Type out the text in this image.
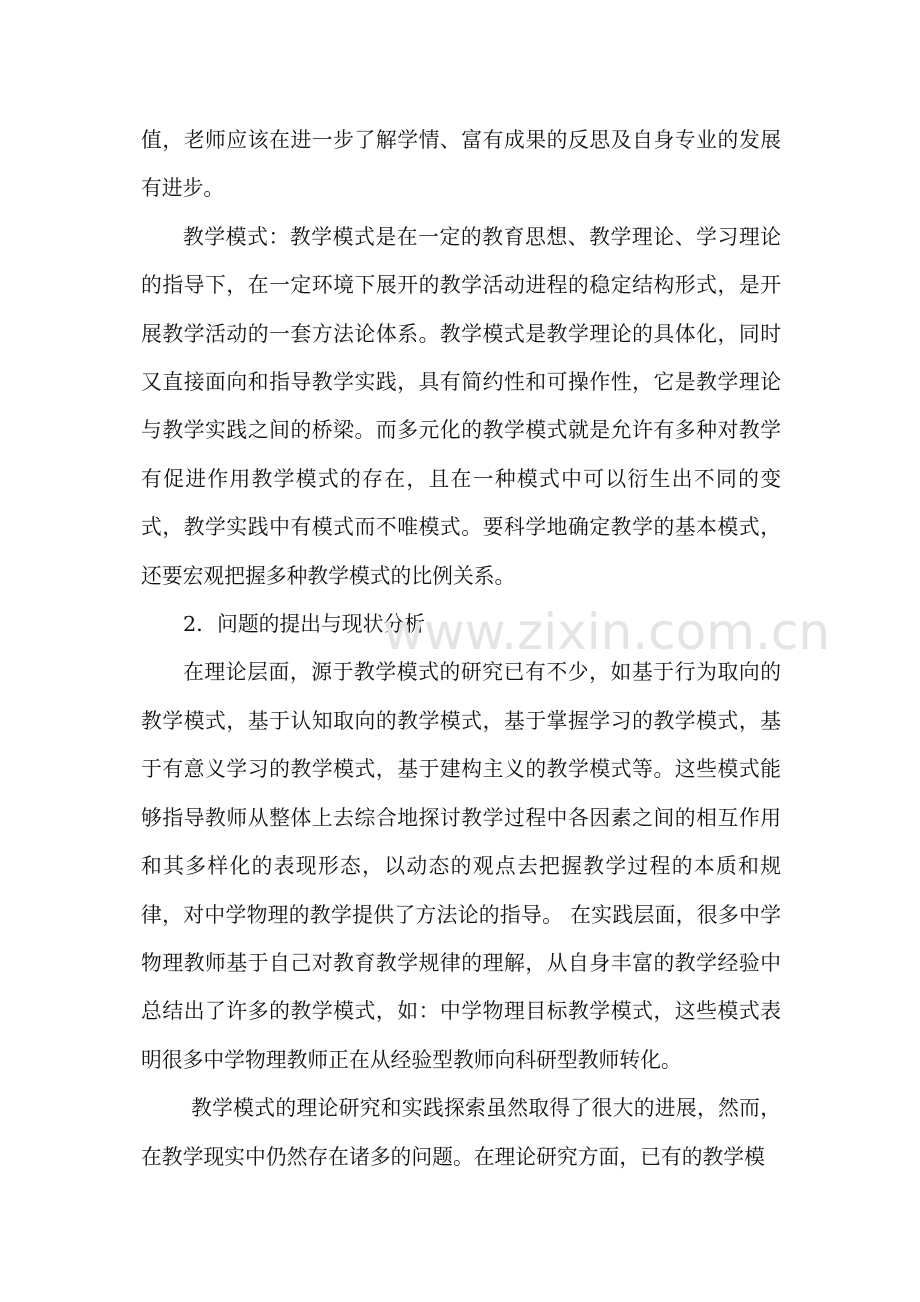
值，老师应该在进一步了解学情、富有成果的反思及自身专业的发展有进步。

教学模式：教学模式是在一定的教育思想、教学理论、学习理论的指导下，在一定环境下展开的教学活动进程的稳定结构形式，是开展教学活动的一套方法论体系。教学模式是教学理论的具体化，同时又直接面向和指导教学实践，具有简约性和可操作性，它是教学理论与教学实践之间的桥梁。而多元化的教学模式就是允许有多种对教学有促进作用教学模式的存在，且在一种模式中可以衍生出不同的变式，教学实践中有模式而不唯模式。要科学地确定教学的基本模式，还要宏观把握多种教学模式的比例关系。

2．问题的提出与现状分析

在理论层面，源于教学模式的研究已有不少，如基于行为取向的教学模式，基于认知取向的教学模式，基于掌握学习的教学模式，基于有意义学习的教学模式，基于建构主义的教学模式等。这些模式能够指导教师从整体上去综合地探讨教学过程中各因素之间的相互作用和其多样化的表现形态，以动态的观点去把握教学过程的本质和规律，对中学物理的教学提供了方法论的指导。 在实践层面，很多中学物理教师基于自己对教育教学规律的理解，从自身丰富的教学经验中总结出了许多的教学模式，如：中学物理目标教学模式，这些模式表明很多中学物理教师正在从经验型教师向科研型教师转化。

教学模式的理论研究和实践探索虽然取得了很大的进展，然而，在教学现实中仍然存在诸多的问题。在理论研究方面，已有的教学模

www.zixin.com.cn
